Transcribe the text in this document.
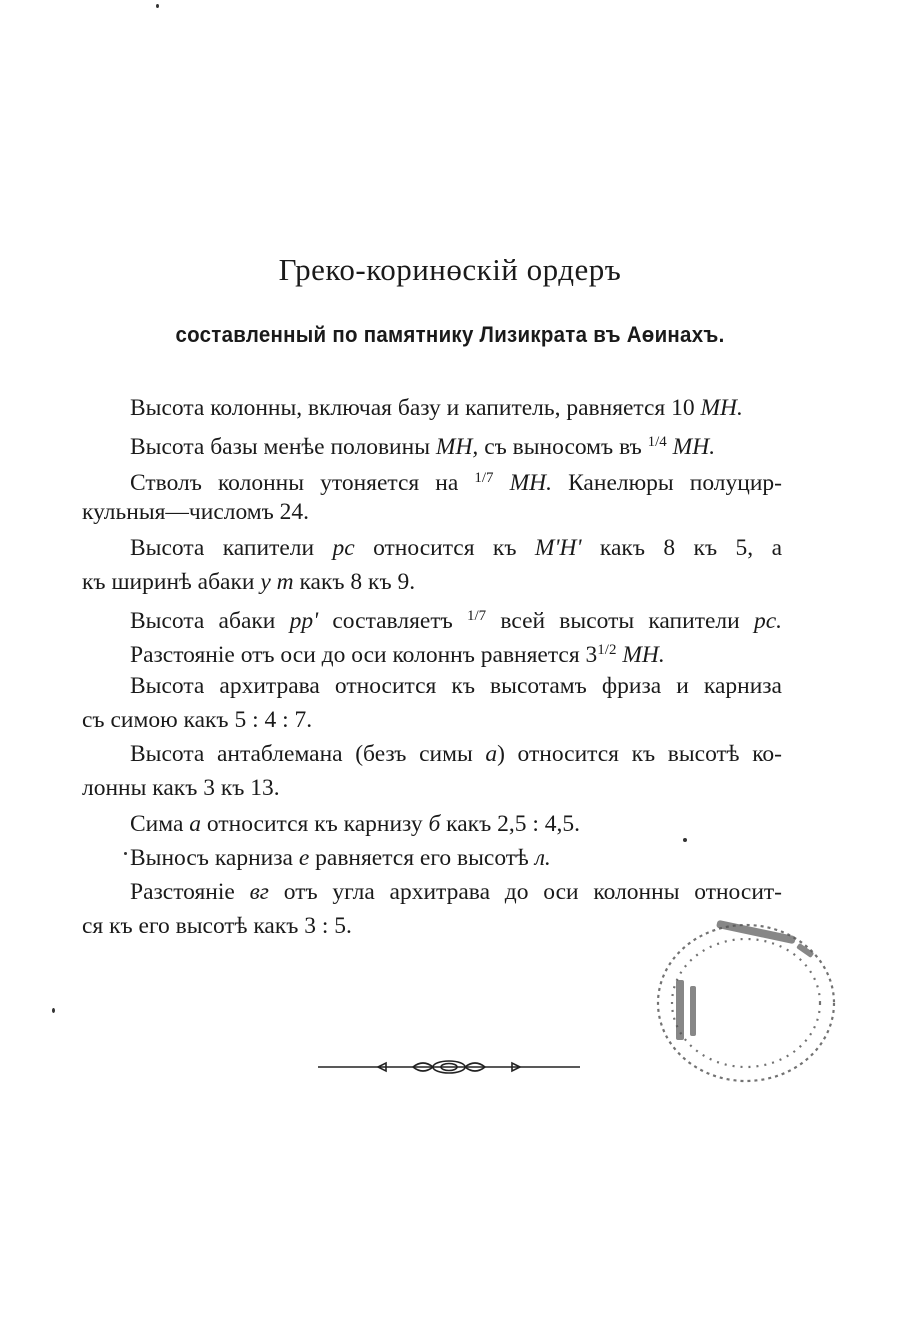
Греко-коринөскій ордеръ
составленный по памятнику Лизикрата въ Аөинахъ.
Высота колонны, включая базу и капитель, равняется 10 МН.
Высота базы менѣе половины МН, съ выносомъ въ $^{1/4}$ МН.
Стволъ колонны утоняется на $^{1/7}$ МН. Канелюры полуцир-
кульныя—числомъ 24.
Высота капители рс относится къ М'Н' какъ 8 къ 5, а
къ ширинѣ абаки у т какъ 8 къ 9.
Высота абаки рр' составляетъ $^{1/7}$ всей высоты капители рс.
Разстояніе отъ оси до оси колоннъ равняется $3^{1/2}$ МН.
Высота архитрава относится къ высотамъ фриза и карниза
съ симою какъ 5 : 4 : 7.
Высота антаблемана (безъ симы а) относится къ высотѣ ко-
лонны какъ 3 къ 13.
Сима а относится къ карнизу б какъ 2,5 : 4,5.
Выносъ карниза е равняется его высотѣ л.
Разстояніе вг отъ угла архитрава до оси колонны относит-
ся къ его высотѣ какъ 3 : 5.
